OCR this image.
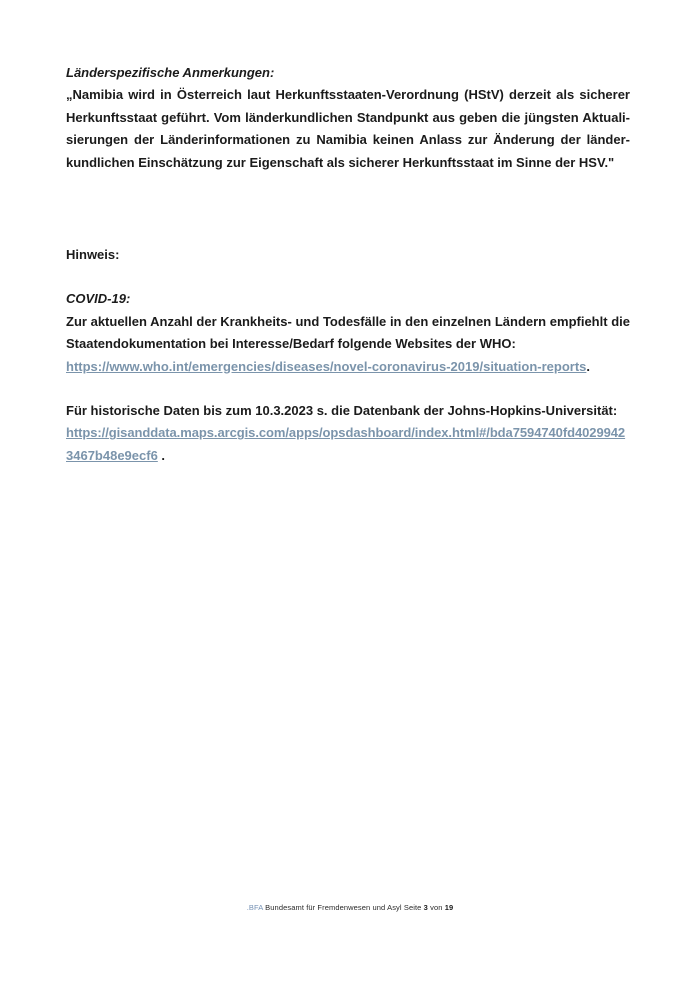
Länderspezifische Anmerkungen:
„Namibia wird in Österreich laut Herkunftsstaaten-Verordnung (HStV) derzeit als sicherer
Herkunftsstaat geführt. Vom länderkundlichen Standpunkt aus geben die jüngsten Aktuali-
sierungen der Länderinformationen zu Namibia keinen Anlass zur Änderung der länder-
kundlichen Einschätzung zur Eigenschaft als sicherer Herkunftsstaat im Sinne der HSV."
Hinweis:
COVID-19:
Zur aktuellen Anzahl der Krankheits- und Todesfälle in den einzelnen Ländern empfiehlt die
Staatendokumentation bei Interesse/Bedarf folgende Websites der WHO:
https://www.who.int/emergencies/diseases/novel-coronavirus-2019/situation-reports.
Für historische Daten bis zum 10.3.2023 s. die Datenbank der Johns-Hopkins-Universität:
https://gisanddata.maps.arcgis.com/apps/opsdashboard/index.html#/bda7594740fd4029942
3467b48e9ecf6 .
.BFA Bundesamt für Fremdenwesen und Asyl Seite 3 von 19
